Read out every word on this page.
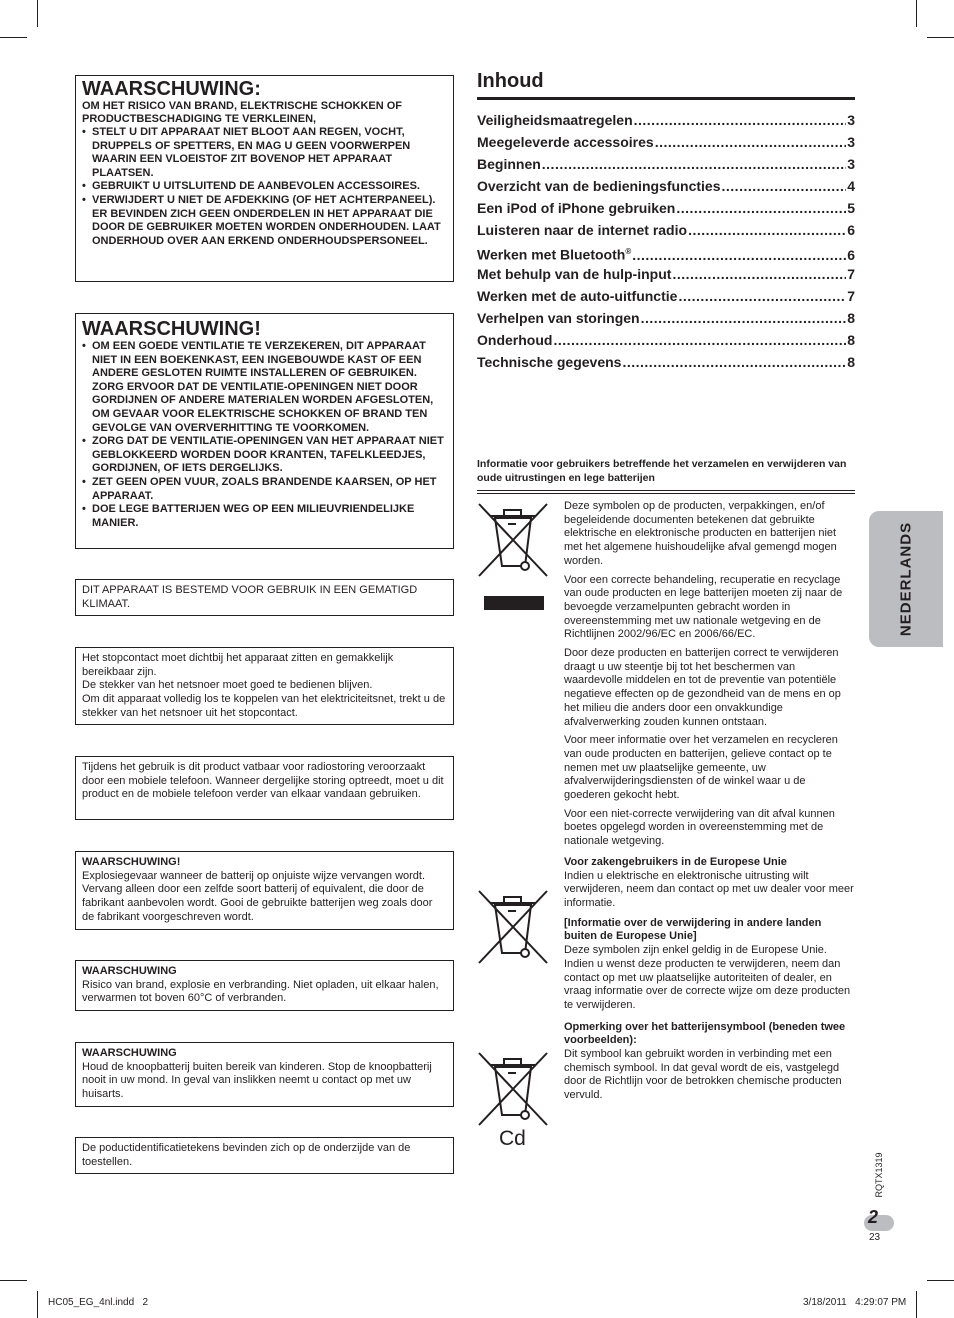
WAARSCHUWING:

OM HET RISICO VAN BRAND, ELEKTRISCHE SCHOKKEN OF PRODUCTBESCHADIGING TE VERKLEINEN,

• STELT U DIT APPARAAT NIET BLOOT AAN REGEN, VOCHT, DRUPPELS OF SPETTERS, EN MAG U GEEN VOORWERPEN WAARIN EEN VLOEISTOF ZIT BOVENOP HET APPARAAT PLAATSEN.
• GEBRUIKT U UITSLUITEND DE AANBEVOLEN ACCESSOIRES.
• VERWIJDERT U NIET DE AFDEKKING (OF HET ACHTERPANEEL). ER BEVINDEN ZICH GEEN ONDERDELEN IN HET APPARAAT DIE DOOR DE GEBRUIKER MOETEN WORDEN ONDERHOUDEN. LAAT ONDERHOUD OVER AAN ERKEND ONDERHOUDSPERSONEEL.

WAARSCHUWING!

• OM EEN GOEDE VENTILATIE TE VERZEKEREN, DIT APPARAAT NIET IN EEN BOEKENKAST, EEN INGEBOUWDE KAST OF EEN ANDERE GESLOTEN RUIMTE INSTALLEREN OF GEBRUIKEN. ZORG ERVOOR DAT DE VENTILATIE-OPENINGEN NIET DOOR GORDIJNEN OF ANDERE MATERIALEN WORDEN AFGESLOTEN, OM GEVAAR VOOR ELEKTRISCHE SCHOKKEN OF BRAND TEN GEVOLGE VAN OVERVERHITTING TE VOORKOMEN.
• ZORG DAT DE VENTILATIE-OPENINGEN VAN HET APPARAAT NIET GEBLOKKEERD WORDEN DOOR KRANTEN, TAFELKLEEDJES, GORDIJNEN, OF IETS DERGELIJKS.
• ZET GEEN OPEN VUUR, ZOALS BRANDENDE KAARSEN, OP HET APPARAAT.
• DOE LEGE BATTERIJEN WEG OP EEN MILIEUVRIENDELIJKE MANIER.

DIT APPARAAT IS BESTEMD VOOR GEBRUIK IN EEN GEMATIGD KLIMAAT.

Het stopcontact moet dichtbij het apparaat zitten en gemakkelijk bereikbaar zijn.

De stekker van het netsnoer moet goed te bedienen blijven.

Om dit apparaat volledig los te koppelen van het elektriciteitsnet, trekt u de stekker van het netsnoer uit het stopcontact.

Tijdens het gebruik is dit product vatbaar voor radiostoring veroorzaakt door een mobiele telefoon. Wanneer dergelijke storing optreedt, moet u dit product en de mobiele telefoon verder van elkaar vandaan gebruiken.

WAARSCHUWING!

Explosiegevaar wanneer de batterij op onjuiste wijze vervangen wordt. Vervang alleen door een zelfde soort batterij of equivalent, die door de fabrikant aanbevolen wordt. Gooi de gebruikte batterijen weg zoals door de fabrikant voorgeschreven wordt.

WAARSCHUWING

Risico van brand, explosie en verbranding. Niet opladen, uit elkaar halen, verwarmen tot boven 60°C of verbranden.

WAARSCHUWING

Houd de knoopbatterij buiten bereik van kinderen. Stop de knoopbatterij nooit in uw mond. In geval van inslikken neemt u contact op met uw huisarts.

De poductidentificatietekens bevinden zich op de onderzijde van de toestellen.

Inhoud
Veiligheidsmaatregelen .....	3
Meegeleverde accessoires .....	3
Beginnen .....	3
Overzicht van de bedieningsfuncties .....	4
Een iPod of iPhone gebruiken .....	5
Luisteren naar de internet radio .....	6
Werken met Bluetooth® .....	6
Met behulp van de hulp-input .....	7
Werken met de auto-uitfunctie .....	7
Verhelpen van storingen .....	8
Onderhoud .....	8
Technische gegevens .....	8

Informatie voor gebruikers betreffende het verzamelen en verwijderen van oude uitrustingen en lege batterijen

Cd

Deze symbolen op de producten, verpakkingen, en/of begeleidende documenten betekenen dat gebruikte elektrische en elektronische producten en batterijen niet met het algemene huishoudelijke afval gemengd mogen worden.

Voor een correcte behandeling, recuperatie en recyclage van oude producten en lege batterijen moeten zij naar de bevoegde verzamelpunten gebracht worden in overeenstemming met uw nationale wetgeving en de Richtlijnen 2002/96/EC en 2006/66/EC.

Door deze producten en batterijen correct te verwijderen draagt u uw steentje bij tot het beschermen van waardevolle middelen en tot de preventie van potentiële negatieve effecten op de gezondheid van de mens en op het milieu die anders door een onvakkundige afvalverwerking zouden kunnen ontstaan.

Voor meer informatie over het verzamelen en recycleren van oude producten en batterijen, gelieve contact op te nemen met uw plaatselijke gemeente, uw afvalverwijderingsdiensten of de winkel waar u de goederen gekocht hebt.

Voor een niet-correcte verwijdering van dit afval kunnen boetes opgelegd worden in overeenstemming met de nationale wetgeving.

Voor zakengebruikers in de Europese Unie

Indien u elektrische en elektronische uitrusting wilt verwijderen, neem dan contact op met uw dealer voor meer informatie.

[Informatie over de verwijdering in andere landen buiten de Europese Unie]

Deze symbolen zijn enkel geldig in de Europese Unie. Indien u wenst deze producten te verwijderen, neem dan contact op met uw plaatselijke autoriteiten of dealer, en vraag informatie over de correcte wijze om deze producten te verwijderen.

Opmerking over het batterijensymbool (beneden twee voorbeelden):

Dit symbool kan gebruikt worden in verbinding met een chemisch symbool. In dat geval wordt de eis, vastgelegd door de Richtlijn voor de betrokken chemische producten vervuld.

NEDERLANDS
RQTX1319
2
23
HC05_EG_4nl.indd   2	3/18/2011   4:29:07 PM
